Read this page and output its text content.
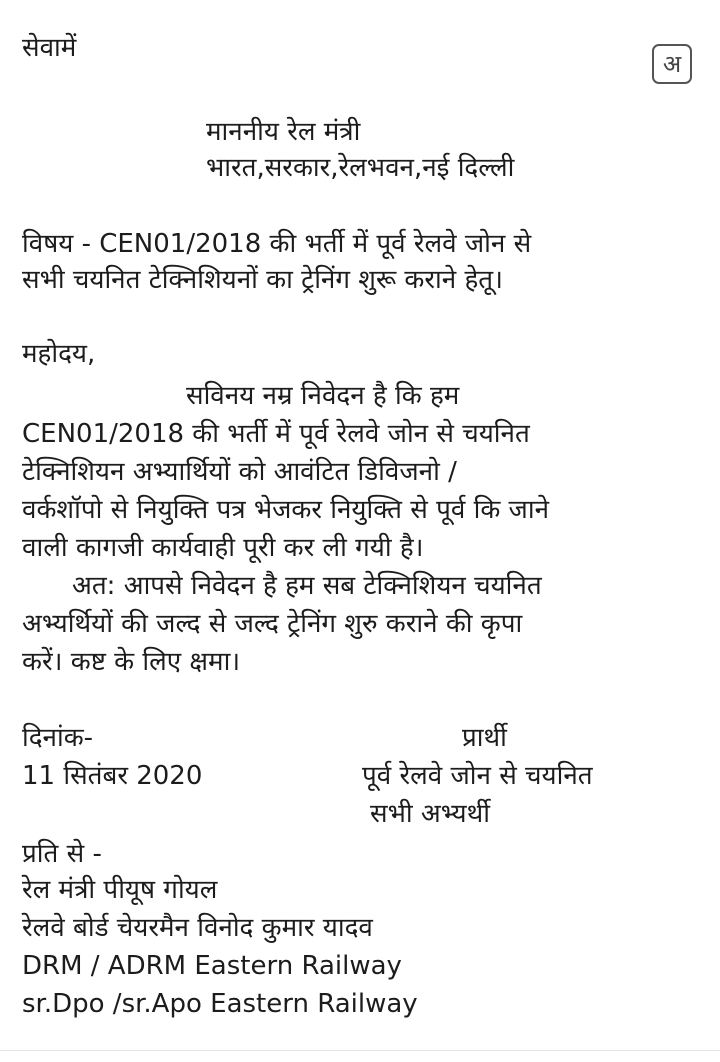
अ

सेवामें

माननीय रेल मंत्री

भारत,सरकार,रेलभवन,नई दिल्ली

विषय - CEN01/2018 की भर्ती में पूर्व रेलवे जोन से

सभी चयनित टेक्निशियनों का ट्रेनिंग शुरू कराने हेतू।

महोदय,

सविनय नम्र निवेदन है कि हम

CEN01/2018 की भर्ती में पूर्व रेलवे जोन से चयनित

टेक्निशियन अभ्यार्थियों को आवंटित डिविजनो /

वर्कशॉपो से नियुक्ति पत्र भेजकर नियुक्ति से पूर्व कि जाने

वाली कागजी कार्यवाही पूरी कर ली गयी है।

अत: आपसे निवेदन है हम सब टेक्निशियन चयनित

अभ्यर्थियों की जल्द से जल्द ट्रेनिंग शुरु कराने की कृपा

करें। कष्ट के लिए क्षमा।

दिनांक-	प्रार्थी

11 सितंबर 2020	पूर्व रेलवे जोन से चयनित

सभी अभ्यर्थी

प्रति से -

रेल मंत्री पीयूष गोयल

रेलवे बोर्ड चेयरमैन विनोद कुमार यादव

DRM / ADRM Eastern Railway

sr.Dpo /sr.Apo Eastern Railway
